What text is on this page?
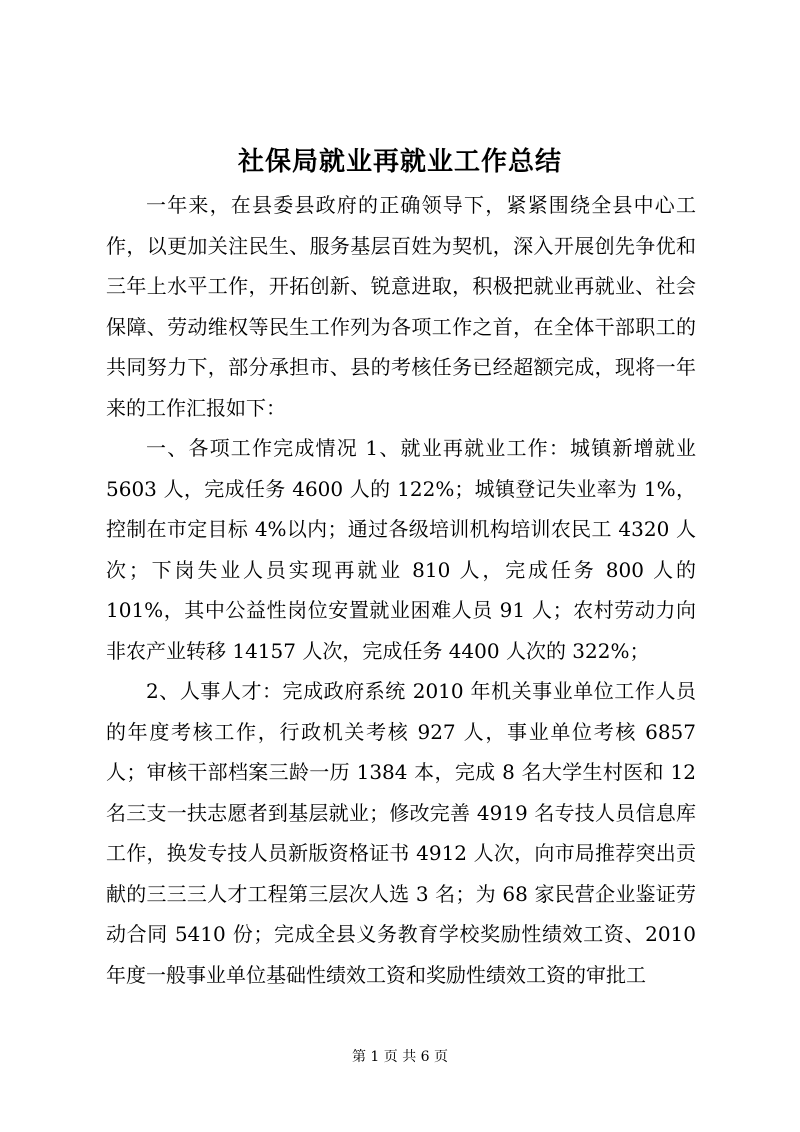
社保局就业再就业工作总结

一年来，在县委县政府的正确领导下，紧紧围绕全县中心工作，以更加关注民生、服务基层百姓为契机，深入开展创先争优和三年上水平工作，开拓创新、锐意进取，积极把就业再就业、社会保障、劳动维权等民生工作列为各项工作之首，在全体干部职工的共同努力下，部分承担市、县的考核任务已经超额完成，现将一年来的工作汇报如下：

一、各项工作完成情况 1、就业再就业工作：城镇新增就业 5603 人，完成任务 4600 人的 122%；城镇登记失业率为 1%，控制在市定目标 4%以内；通过各级培训机构培训农民工 4320 人次；下岗失业人员实现再就业 810 人，完成任务 800 人的 101%，其中公益性岗位安置就业困难人员 91 人；农村劳动力向非农产业转移 14157 人次，完成任务 4400 人次的 322%；

2、人事人才：完成政府系统 2010 年机关事业单位工作人员的年度考核工作，行政机关考核 927 人，事业单位考核 6857 人；审核干部档案三龄一历 1384 本，完成 8 名大学生村医和 12 名三支一扶志愿者到基层就业；修改完善 4919 名专技人员信息库工作，换发专技人员新版资格证书 4912 人次，向市局推荐突出贡献的三三三人才工程第三层次人选 3 名；为 68 家民营企业鉴证劳动合同 5410 份；完成全县义务教育学校奖励性绩效工资、2010 年度一般事业单位基础性绩效工资和奖励性绩效工资的审批工

第 1 页 共 6 页
